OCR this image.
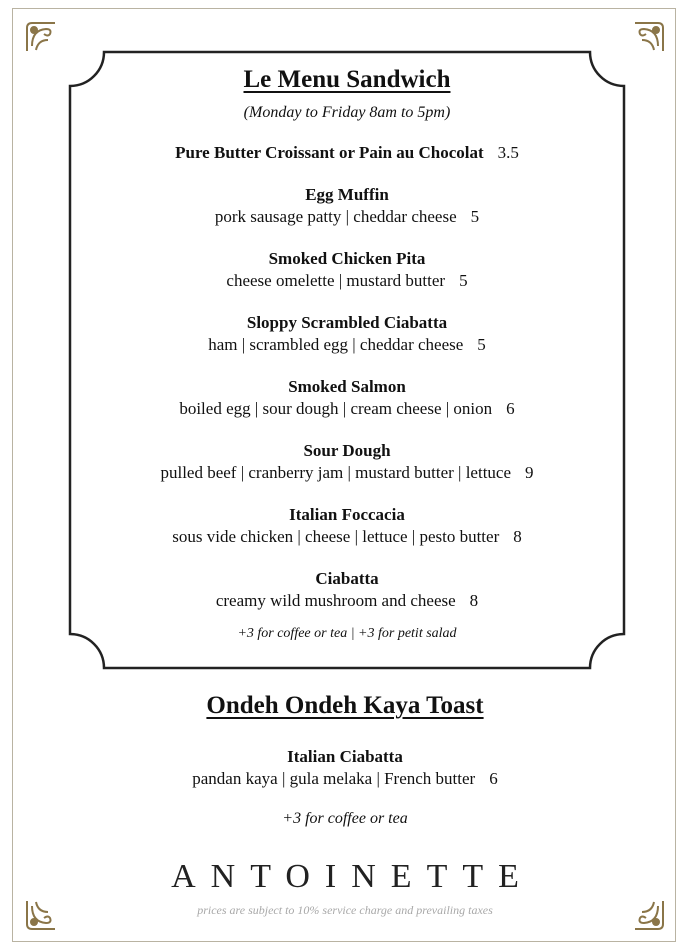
Le Menu Sandwich
(Monday to Friday 8am to 5pm)
Pure Butter Croissant or Pain au Chocolat 3.5
Egg Muffin
pork sausage patty | cheddar cheese 5
Smoked Chicken Pita
cheese omelette | mustard butter 5
Sloppy Scrambled Ciabatta
ham | scrambled egg | cheddar cheese 5
Smoked Salmon
boiled egg | sour dough | cream cheese | onion 6
Sour Dough
pulled beef | cranberry jam | mustard butter | lettuce 9
Italian Foccacia
sous vide chicken | cheese | lettuce | pesto butter 8
Ciabatta
creamy wild mushroom and cheese 8
+3 for coffee or tea | +3 for petit salad
Ondeh Ondeh Kaya Toast
Italian Ciabatta
pandan kaya | gula melaka | French butter 6
+3 for coffee or tea
ANTOINETTE
prices are subject to 10% service charge and prevailing taxes
